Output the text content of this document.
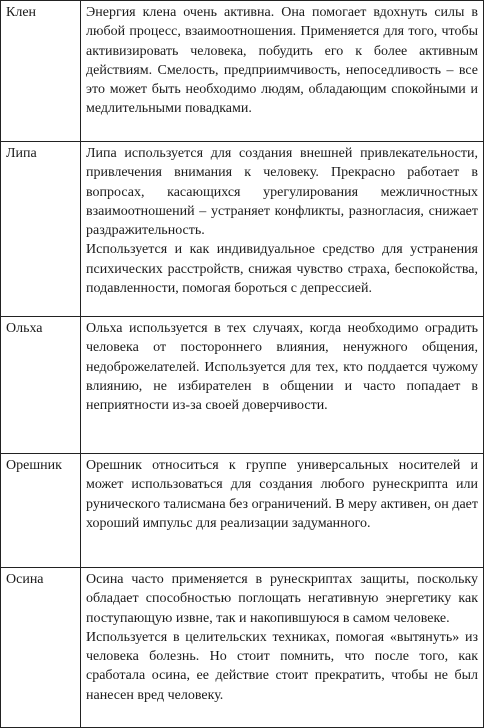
Клен	Энергия клена очень активна. Она помогает вдохнуть силы в любой процесс, взаимоотношения. Применяется для того, чтобы активизировать человека, побудить его к более активным действиям. Смелость, предприимчивость, непоседливость – все это может быть необходимо людям, обладающим спокойными и медлительными повадками.

Липа	Липа используется для создания внешней привлекательности, привлечения внимания к человеку. Прекрасно работает в вопросах, касающихся урегулирования межличностных взаимоотношений – устраняет конфликты, разногласия, снижает раздражительность.

Используется и как индивидуальное средство для устранения психических расстройств, снижая чувство страха, беспокойства, подавленности, помогая бороться с депрессией.

Ольха	Ольха используется в тех случаях, когда необходимо оградить человека от постороннего влияния, ненужного общения, недоброжелателей. Используется для тех, кто поддается чужому влиянию, не избирателен в общении и часто попадает в неприятности из-за своей доверчивости.

Орешник	Орешник относиться к группе универсальных носителей и может использоваться для создания любого рунескрипта или рунического талисмана без ограничений. В меру активен, он дает хороший импульс для реализации задуманного.

Осина	Осина часто применяется в рунескриптах защиты, поскольку обладает способностью поглощать негативную энергетику как поступающую извне, так и накопившуюся в самом человеке.

Используется в целительских техниках, помогая «вытянуть» из человека болезнь. Но стоит помнить, что после того, как сработала осина, ее действие стоит прекратить, чтобы не был нанесен вред человеку.
